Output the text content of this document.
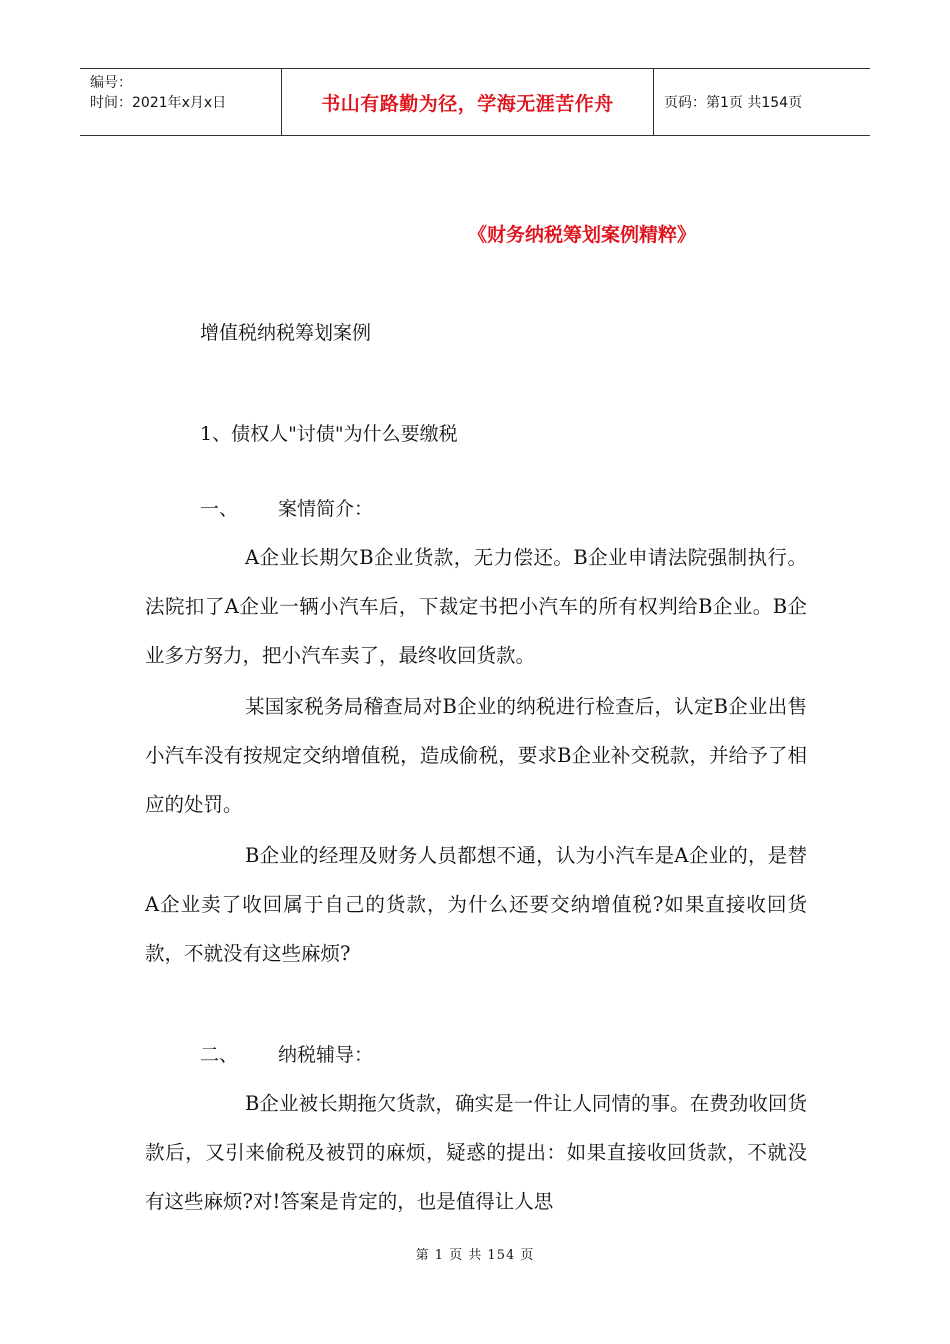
编号：
时间：2021年x月x日	书山有路勤为径，学海无涯苦作舟	页码：第1页 共154页
《财务纳税筹划案例精粹》
增值税纳税筹划案例
1、债权人"讨债"为什么要缴税
一、 案情简介：
A企业长期欠B企业货款，无力偿还。B企业申请法院强制执行。法院扣了A企业一辆小汽车后，下裁定书把小汽车的所有权判给B企业。B企业多方努力，把小汽车卖了，最终收回货款。
某国家税务局稽查局对B企业的纳税进行检查后，认定B企业出售小汽车没有按规定交纳增值税，造成偷税，要求B企业补交税款，并给予了相应的处罚。
B企业的经理及财务人员都想不通，认为小汽车是A企业的，是替A企业卖了收回属于自己的货款，为什么还要交纳增值税?如果直接收回货款，不就没有这些麻烦?
二、 纳税辅导：
B企业被长期拖欠货款，确实是一件让人同情的事。在费劲收回货款后，又引来偷税及被罚的麻烦，疑惑的提出：如果直接收回货款，不就没有这些麻烦?对!答案是肯定的，也是值得让人思
第 1 页 共 154 页
